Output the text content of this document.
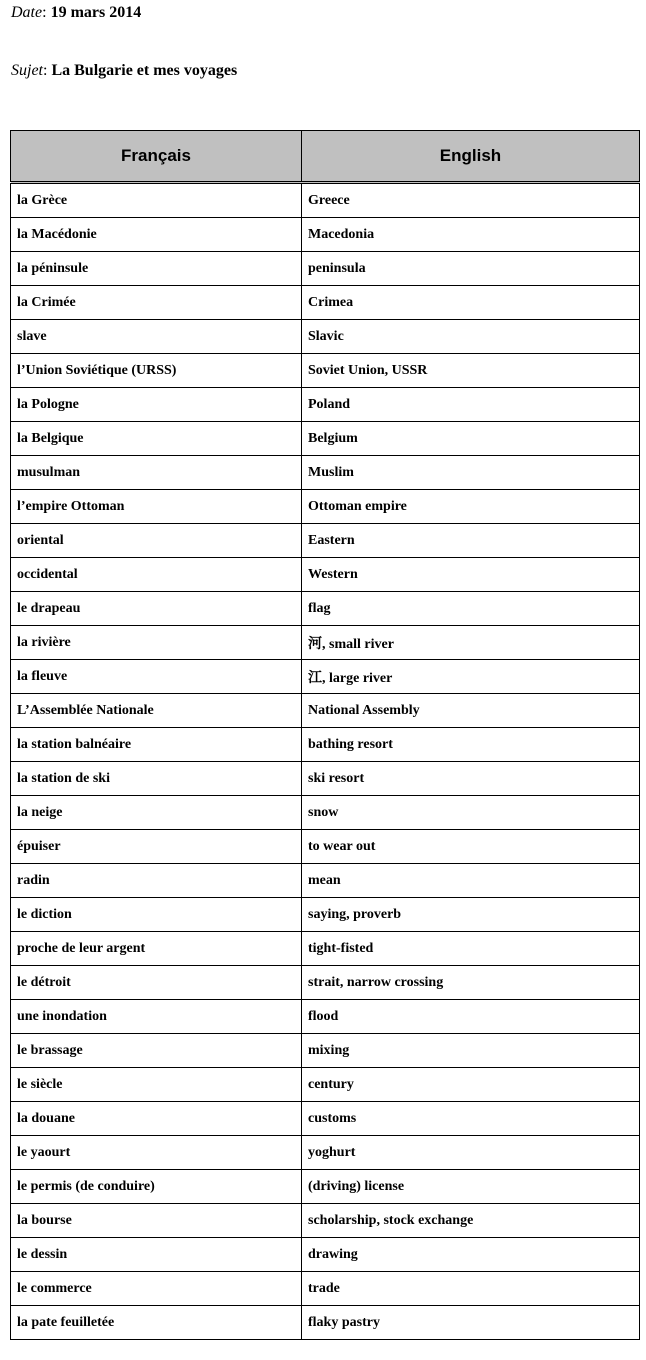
Date: 19 mars 2014
Sujet: La Bulgarie et mes voyages
Français	English
la Grèce	Greece
la Macédonie	Macedonia
la péninsule	peninsula
la Crimée	Crimea
slave	Slavic
l’Union Soviétique (URSS)	Soviet Union, USSR
la Pologne	Poland
la Belgique	Belgium
musulman	Muslim
l’empire Ottoman	Ottoman empire
oriental	Eastern
occidental	Western
le drapeau	flag
la rivière	河, small river
la fleuve	江, large river
L’Assemblée Nationale	National Assembly
la station balnéaire	bathing resort
la station de ski	ski resort
la neige	snow
épuiser	to wear out
radin	mean
le diction	saying, proverb
proche de leur argent	tight-fisted
le détroit	strait, narrow crossing
une inondation	flood
le brassage	mixing
le siècle	century
la douane	customs
le yaourt	yoghurt
le permis (de conduire)	(driving) license
la bourse	scholarship, stock exchange
le dessin	drawing
le commerce	trade
la pate feuilletée	flaky pastry
